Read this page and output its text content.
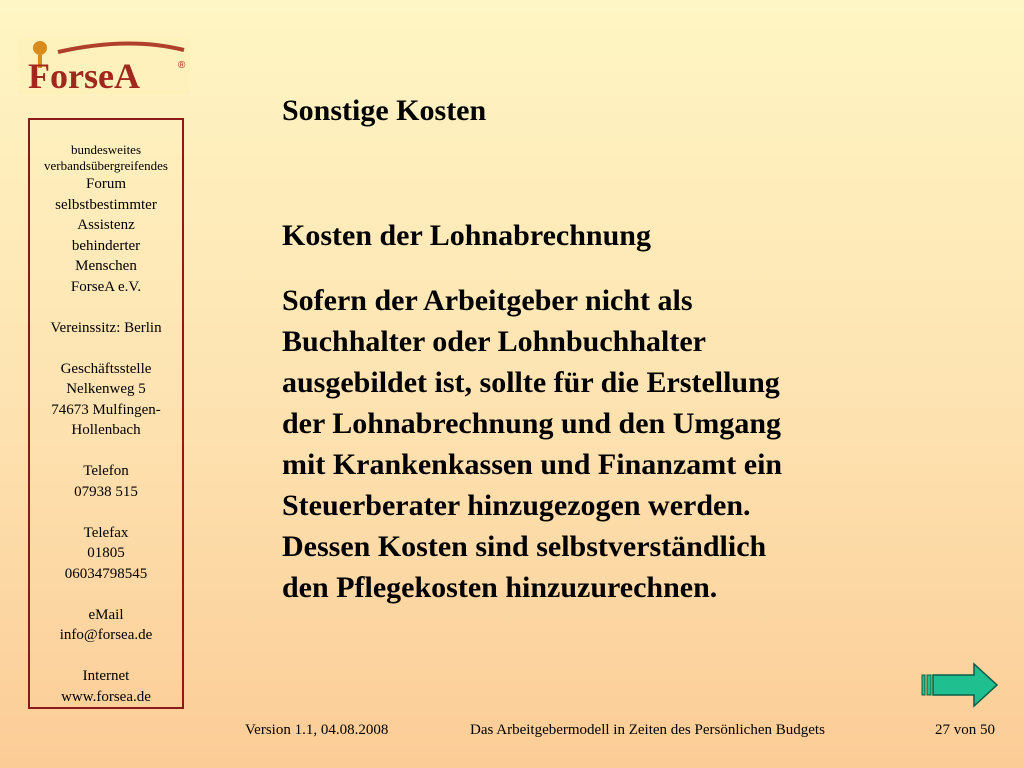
ForseA	®
bundesweites
verbandsübergreifendes
Forum
selbstbestimmter
Assistenz
behinderter
Menschen
ForseA e.V.
Vereinssitz: Berlin
Geschäftsstelle
Nelkenweg 5
74673 Mulfingen-
Hollenbach
Telefon
07938 515
Telefax
01805
06034798545
eMail
info@forsea.de
Internet
www.forsea.de
Sonstige Kosten
Kosten der Lohnabrechnung

Sofern der Arbeitgeber nicht als
Buchhalter oder Lohnbuchhalter
ausgebildet ist, sollte für die Erstellung
der Lohnabrechnung und den Umgang
mit Krankenkassen und Finanzamt ein
Steuerberater hinzugezogen werden.
Dessen Kosten sind selbstverständlich
den Pflegekosten hinzuzurechnen.

Version 1.1, 04.08.2008	Das Arbeitgebermodell in Zeiten des Persönlichen Budgets	27 von 50
